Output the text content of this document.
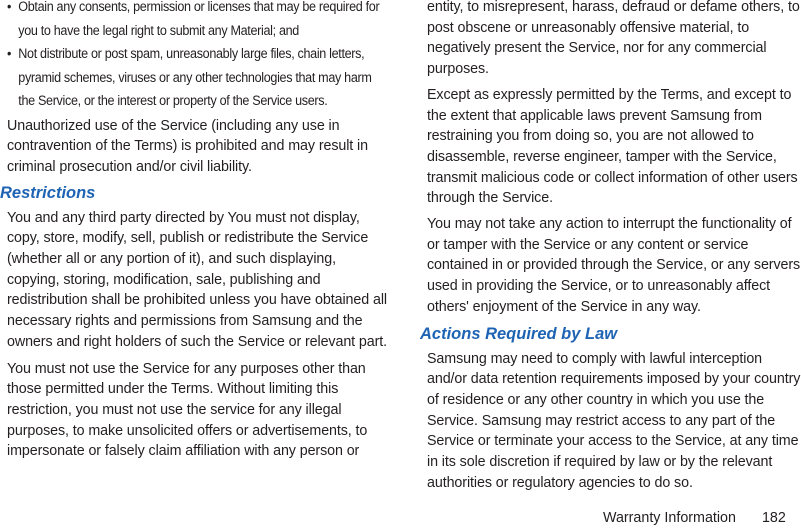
• Obtain any consents, permission or licenses that may be required for you to have the legal right to submit any Material; and
• Not distribute or post spam, unreasonably large files, chain letters, pyramid schemes, viruses or any other technologies that may harm the Service, or the interest or property of the Service users.

Unauthorized use of the Service (including any use in contravention of the Terms) is prohibited and may result in criminal prosecution and/or civil liability.

Restrictions

You and any third party directed by You must not display, copy, store, modify, sell, publish or redistribute the Service (whether all or any portion of it), and such displaying, copying, storing, modification, sale, publishing and redistribution shall be prohibited unless you have obtained all necessary rights and permissions from Samsung and the owners and right holders of such the Service or relevant part.

You must not use the Service for any purposes other than those permitted under the Terms. Without limiting this restriction, you must not use the service for any illegal purposes, to make unsolicited offers or advertisements, to impersonate or falsely claim affiliation with any person or

entity, to misrepresent, harass, defraud or defame others, to post obscene or unreasonably offensive material, to negatively present the Service, nor for any commercial purposes.

Except as expressly permitted by the Terms, and except to the extent that applicable laws prevent Samsung from restraining you from doing so, you are not allowed to disassemble, reverse engineer, tamper with the Service, transmit malicious code or collect information of other users through the Service.

You may not take any action to interrupt the functionality of or tamper with the Service or any content or service contained in or provided through the Service, or any servers used in providing the Service, or to unreasonably affect others' enjoyment of the Service in any way.

Actions Required by Law

Samsung may need to comply with lawful interception and/or data retention requirements imposed by your country of residence or any other country in which you use the Service. Samsung may restrict access to any part of the Service or terminate your access to the Service, at any time in its sole discretion if required by law or by the relevant authorities or regulatory agencies to do so.

Warranty Information 182
